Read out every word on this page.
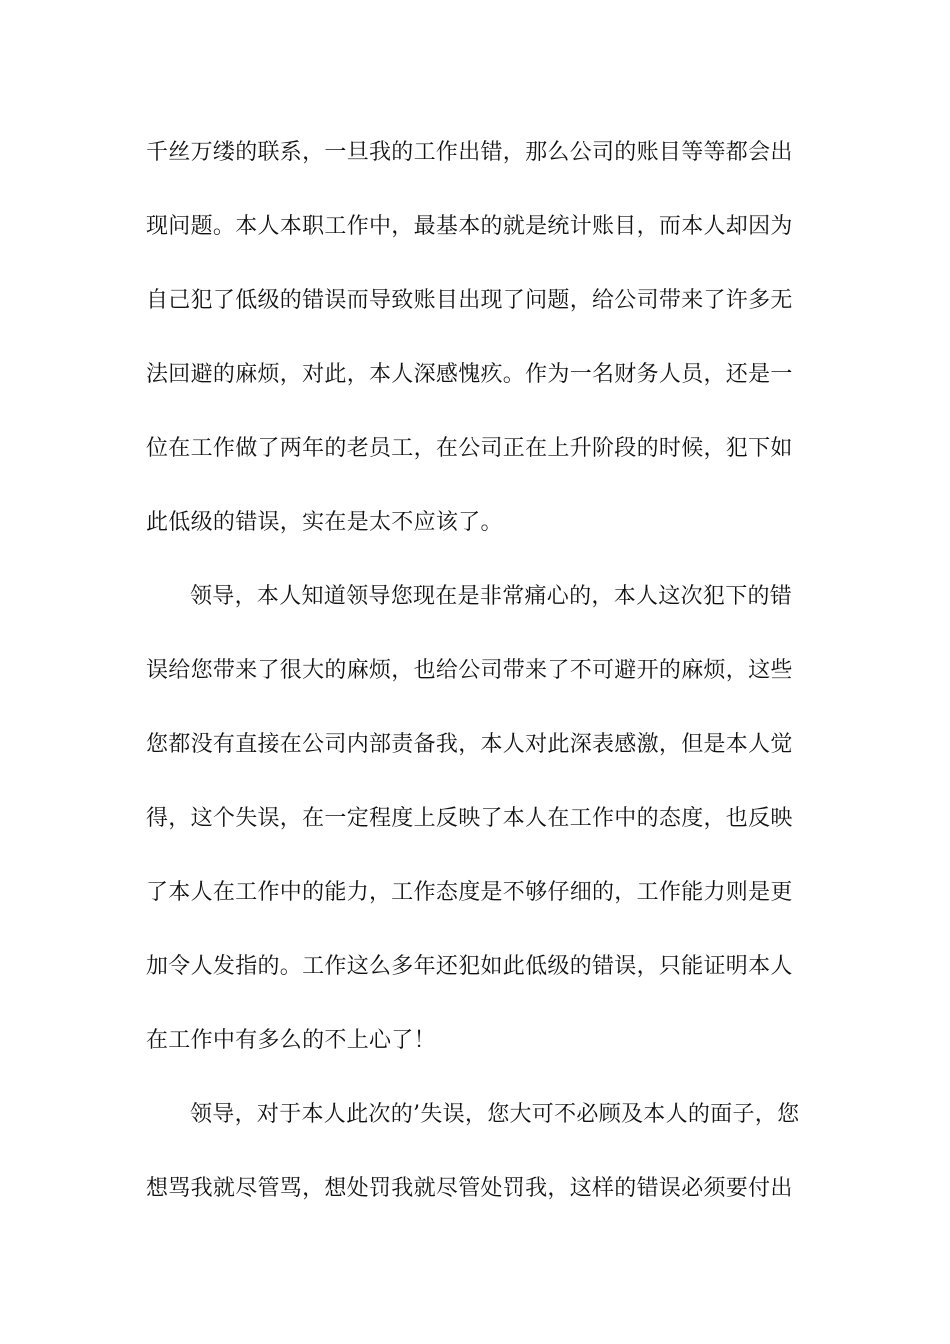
千丝万缕的联系，一旦我的工作出错，那么公司的账目等等都会出
现问题。本人本职工作中，最基本的就是统计账目，而本人却因为
自己犯了低级的错误而导致账目出现了问题，给公司带来了许多无
法回避的麻烦，对此，本人深感愧疚。作为一名财务人员，还是一
位在工作做了两年的老员工，在公司正在上升阶段的时候，犯下如
此低级的错误，实在是太不应该了。
领导，本人知道领导您现在是非常痛心的，本人这次犯下的错
误给您带来了很大的麻烦，也给公司带来了不可避开的麻烦，这些
您都没有直接在公司内部责备我，本人对此深表感激，但是本人觉
得，这个失误，在一定程度上反映了本人在工作中的态度，也反映
了本人在工作中的能力，工作态度是不够仔细的，工作能力则是更
加令人发指的。工作这么多年还犯如此低级的错误，只能证明本人
在工作中有多么的不上心了！
领导，对于本人此次的’失误，您大可不必顾及本人的面子，您
想骂我就尽管骂，想处罚我就尽管处罚我，这样的错误必须要付出
